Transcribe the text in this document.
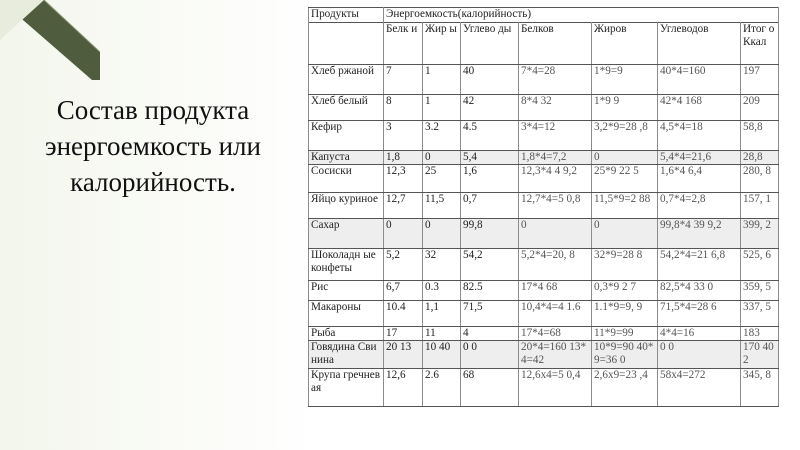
Состав продукта энергоемкость или калорийность.
Продукты	Энергоемкость(калорийность)						
	Белк и	Жир ы	Углево ды	Белков	Жиров	Углеводов	Итог о Ккал
Хлеб ржаной	7	1	40	7*4=28	1*9=9	40*4=160	197
Хлеб белый	8	1	42	8*4 32	1*9 9	42*4 168	209
Кефир	3	3.2	4.5	3*4=12	3,2*9=28 ,8	4,5*4=18	58,8
Капуста	1,8	0	5,4	1,8*4=7,2	0	5,4*4=21,6	28,8
Сосиски	12,3	25	1,6	12,3*4 4 9,2	25*9 22 5	1,6*4 6,4	280, 8
Яйцо куриное	12,7	11,5	0,7	12,7*4=5 0,8	11,5*9=2 88	0,7*4=2,8	157, 1
Сахар	0	0	99,8	0	0	99,8*4 39 9,2	399, 2
Шоколадн ые конфеты	5,2	32	54,2	5,2*4=20, 8	32*9=28 8	54,2*4=21 6,8	525, 6
Рис	6,7	0.3	82.5	17*4 68	0,3*9 2 7	82,5*4 33 0	359, 5
Макароны	10.4	1,1	71,5	10,4*4=4 1.6	1.1*9=9, 9	71,5*4=28 6	337, 5
Рыба	17	11	4	17*4=68	11*9=99	4*4=16	183
Говядина Свинина	20 13	10 40	0 0	20*4=160 13*4=42	10*9=90 40*9=36 0	0 0	170 402
Крупа гречневая	12,6	2.6	68	12,6x4=5 0,4	2,6x9=23 ,4	58x4=272	345, 8
